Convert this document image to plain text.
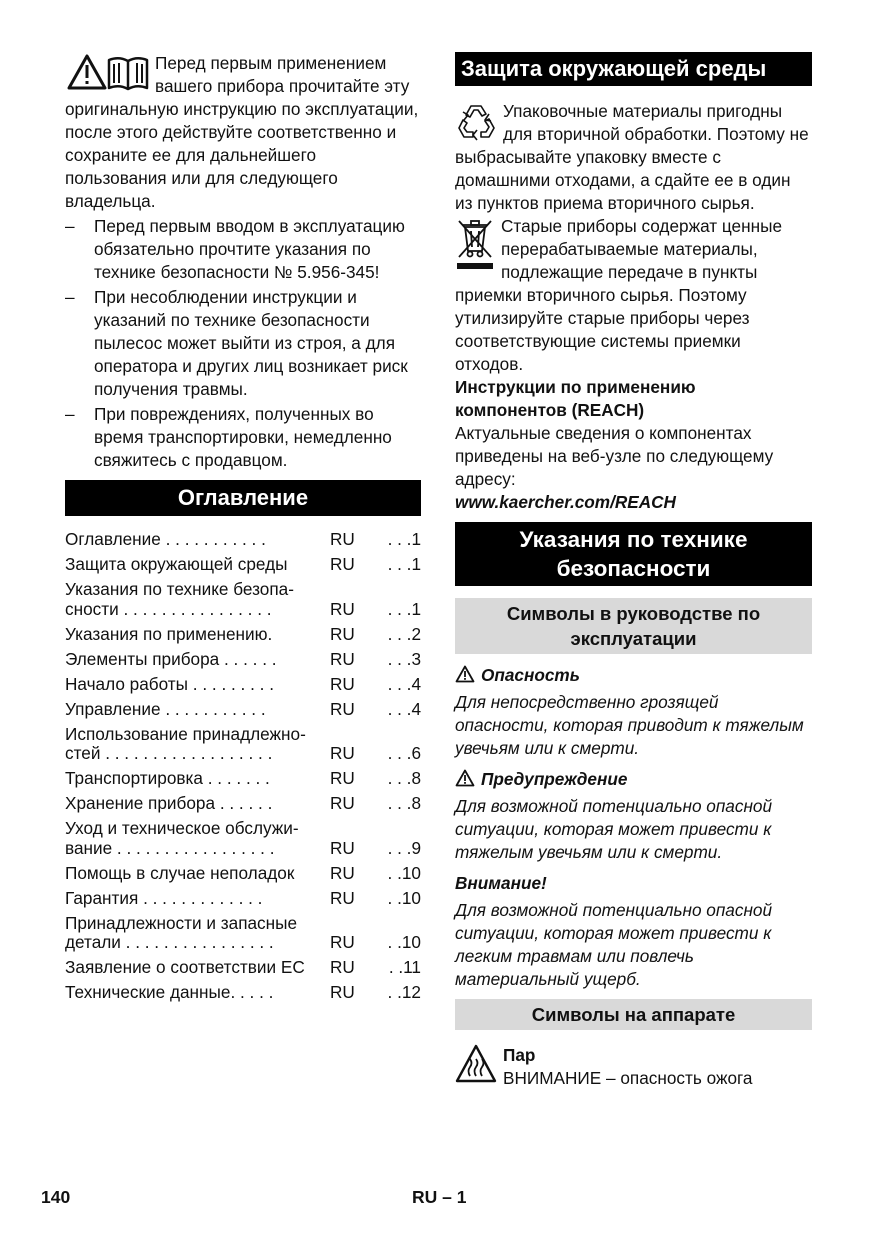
Перед первым применением вашего прибора прочитайте эту оригинальную инструкцию по эксплуатации, после этого действуйте соответственно и сохраните ее для дальнейшего пользования или для следующего владельца.

– Перед первым вводом в эксплуатацию обязательно прочтите указания по технике безопасности № 5.956-345!
– При несоблюдении инструкции и указаний по технике безопасности пылесос может выйти из строя, а для оператора и других лиц возникает риск получения травмы.
– При повреждениях, полученных во время транспортировки, немедленно свяжитесь с продавцом.
Оглавление
Оглавление . . . . . . . . . . .	RU	. . .1
Защита окружающей среды	RU	. . .1
Указания по технике безопа-
сности . . . . . . . . . . . . . . . .	RU	. . .1
Указания по применению.	RU	. . .2
Элементы прибора . . . . . .	RU	. . .3
Начало работы . . . . . . . . .	RU	. . .4
Управление . . . . . . . . . . .	RU	. . .4
Использование принадлежно-
стей . . . . . . . . . . . . . . . . . .	RU	. . .6
Транспортировка . . . . . . .	RU	. . .8
Хранение прибора . . . . . .	RU	. . .8
Уход и техническое обслужи-
вание . . . . . . . . . . . . . . . . .	RU	. . .9
Помощь в случае неполадок	RU	. .10
Гарантия . . . . . . . . . . . . .	RU	. .10
Принадлежности и запасные
детали . . . . . . . . . . . . . . . .	RU	. .10
Заявление о соответствии ЕС	RU	. .11
Технические данные. . . . .	RU	. .12
Защита окружающей среды

Упаковочные материалы пригодны для вторичной обработки. Поэтому не выбрасывайте упаковку вместе с домашними отходами, а сдайте ее в один из пунктов приема вторичного сырья.

Старые приборы содержат ценные перерабатываемые материалы, подлежащие передаче в пункты приемки вторичного сырья. Поэтому утилизируйте старые приборы через соответствующие системы приемки отходов.

Инструкции по применению компонентов (REACH)

Актуальные сведения о компонентах приведены на веб-узле по следующему адресу:

www.kaercher.com/REACH

Указания по технике безопасности
Символы в руководстве по эксплуатации
Опасность

Для непосредственно грозящей опасности, которая приводит к тяжелым увечьям или к смерти.

Предупреждение

Для возможной потенциально опасной ситуации, которая может привести к тяжелым увечьям или к смерти.

Внимание!

Для возможной потенциально опасной ситуации, которая может привести к легким травмам или повлечь материальный ущерб.

Символы на аппарате

Пар

ВНИМАНИЕ – опасность ожога

140	RU – 1
